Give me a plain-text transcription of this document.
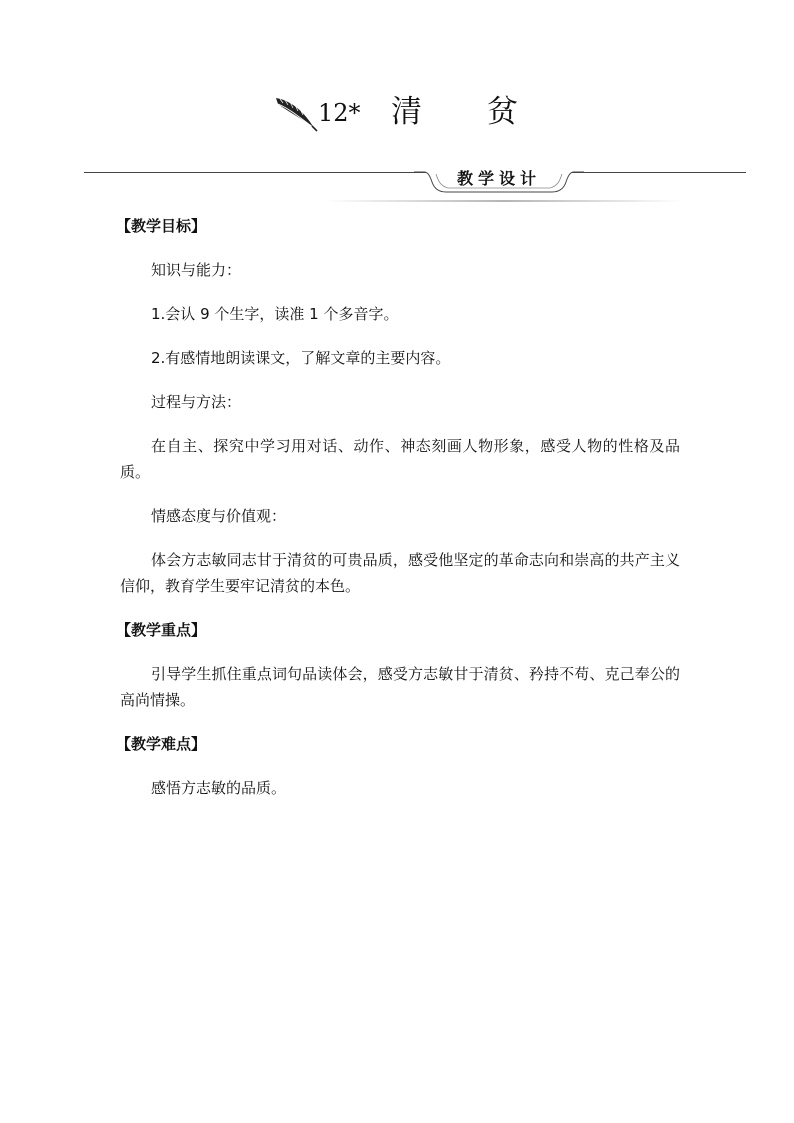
12* 清 贫
教学设计
【教学目标】

知识与能力：

1.会认 9 个生字，读准 1 个多音字。

2.有感情地朗读课文，了解文章的主要内容。

过程与方法：

在自主、探究中学习用对话、动作、神态刻画人物形象，感受人物的性格及品质。

情感态度与价值观：

体会方志敏同志甘于清贫的可贵品质，感受他坚定的革命志向和崇高的共产主义信仰，教育学生要牢记清贫的本色。

【教学重点】

引导学生抓住重点词句品读体会，感受方志敏甘于清贫、矜持不苟、克己奉公的高尚情操。

【教学难点】

感悟方志敏的品质。
